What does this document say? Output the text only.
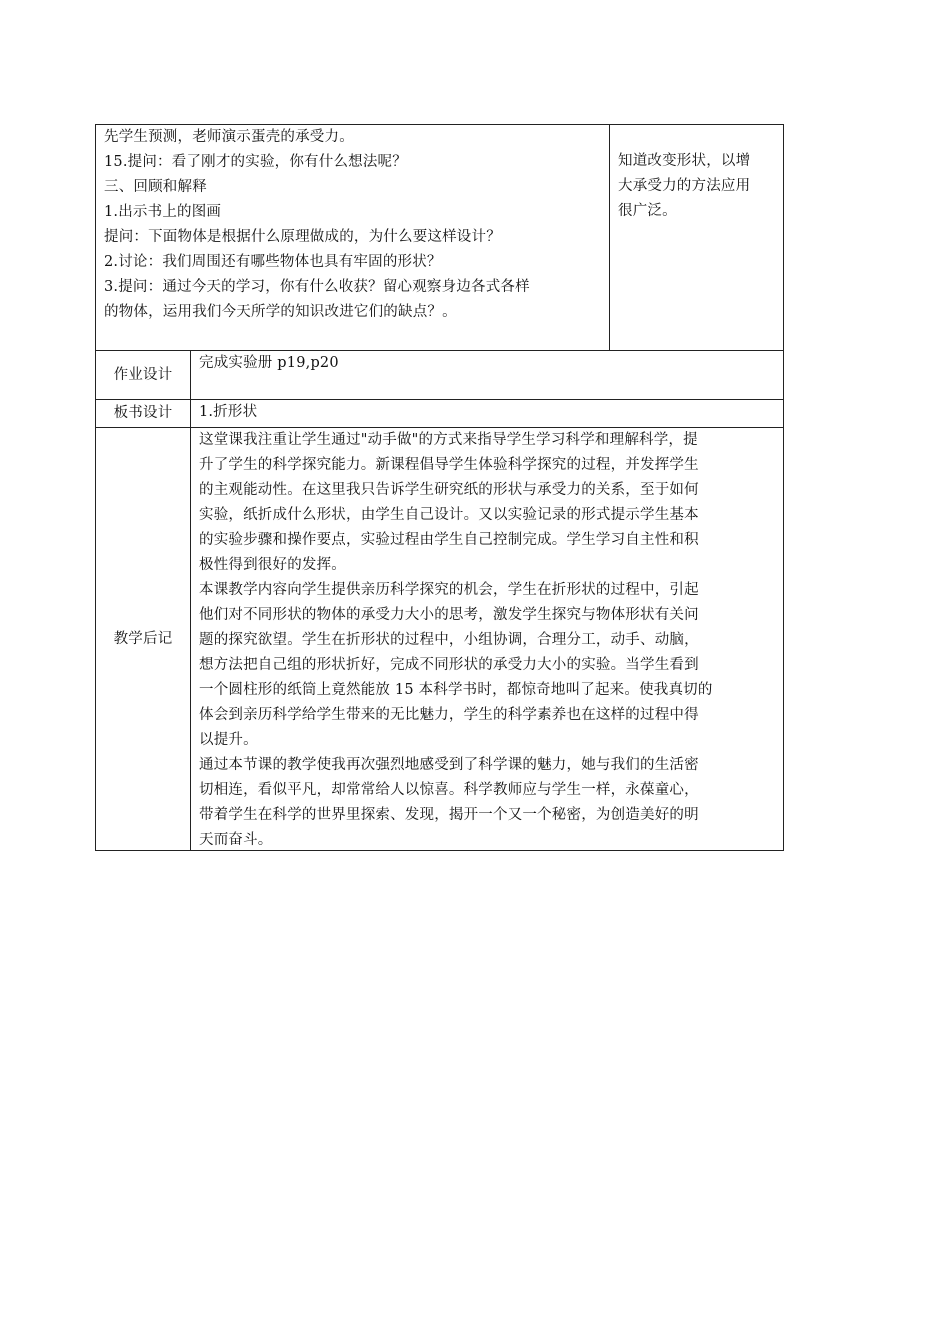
先学生预测，老师演示蛋壳的承受力。
15.提问：看了刚才的实验，你有什么想法呢？
三、回顾和解释
1.出示书上的图画
提问：下面物体是根据什么原理做成的，为什么要这样设计？
2.讨论：我们周围还有哪些物体也具有牢固的形状？
3.提问：通过今天的学习，你有什么收获？留心观察身边各式各样
的物体，运用我们今天所学的知识改进它们的缺点？。
知道改变形状，以增
大承受力的方法应用
很广泛。
作业设计
完成实验册 p19,p20
板书设计	1.折形状
教学后记
这堂课我注重让学生通过"动手做"的方式来指导学生学习科学和理解科学，提
升了学生的科学探究能力。新课程倡导学生体验科学探究的过程，并发挥学生
的主观能动性。在这里我只告诉学生研究纸的形状与承受力的关系，至于如何
实验，纸折成什么形状，由学生自己设计。又以实验记录的形式提示学生基本
的实验步骤和操作要点，实验过程由学生自己控制完成。学生学习自主性和积
极性得到很好的发挥。
本课教学内容向学生提供亲历科学探究的机会，学生在折形状的过程中，引起
他们对不同形状的物体的承受力大小的思考，激发学生探究与物体形状有关问
题的探究欲望。学生在折形状的过程中，小组协调，合理分工，动手、动脑，
想方法把自己组的形状折好，完成不同形状的承受力大小的实验。当学生看到
一个圆柱形的纸筒上竟然能放 15 本科学书时，都惊奇地叫了起来。使我真切的
体会到亲历科学给学生带来的无比魅力，学生的科学素养也在这样的过程中得
以提升。
通过本节课的教学使我再次强烈地感受到了科学课的魅力，她与我们的生活密
切相连，看似平凡，却常常给人以惊喜。科学教师应与学生一样，永葆童心，
带着学生在科学的世界里探索、发现，揭开一个又一个秘密，为创造美好的明
天而奋斗。
